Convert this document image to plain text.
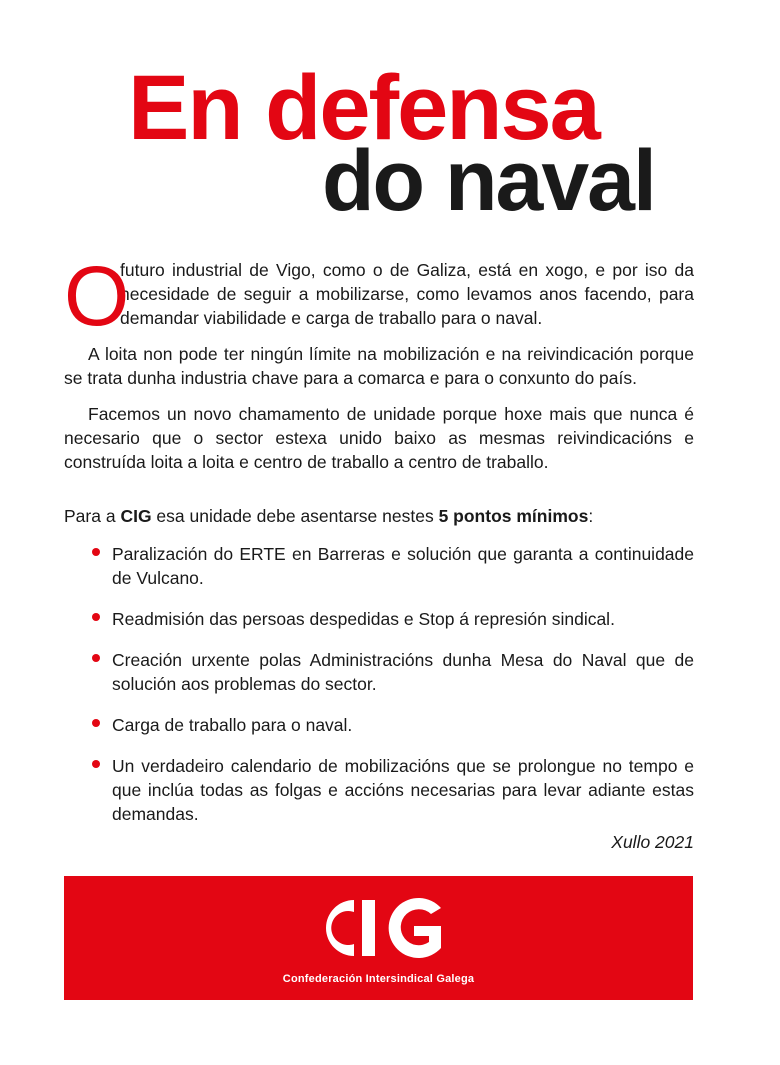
En defensa
do naval

O
futuro industrial de Vigo, como o de Galiza, está en xogo, e por iso da necesidade de seguir a mobilizarse, como levamos anos facendo, para demandar viabilidade e carga de traballo para o naval.

A loita non pode ter ningún límite na mobilización e na reivindicación porque se trata dunha industria chave para a comarca e para o conxunto do país.

Facemos un novo chamamento de unidade porque hoxe mais que nunca é necesario que o sector estexa unido baixo as mesmas reivindicacións e construída loita a loita e centro de traballo a centro de traballo.

Para a CIG esa unidade debe asentarse nestes 5 pontos mínimos:

Paralización do ERTE en Barreras e solución que garanta a continuidade de Vulcano.
Readmisión das persoas despedidas e Stop á represión sindical.
Creación urxente polas Administracións dunha Mesa do Naval que de solución aos problemas do sector.
Carga de traballo para o naval.
Un verdadeiro calendario de mobilizacións que se prolongue no tempo e que inclúa todas as folgas e accións necesarias para levar adiante estas demandas.
Xullo 2021
Confederación Intersindical Galega
